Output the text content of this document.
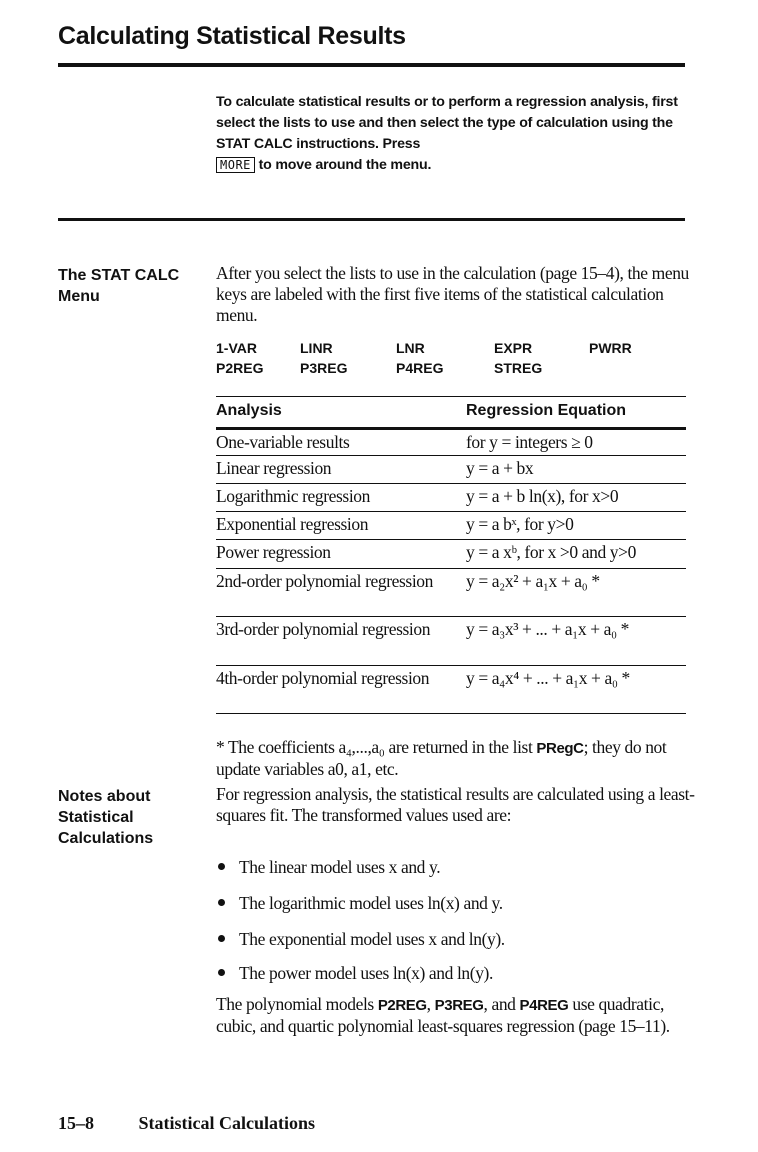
Calculating Statistical Results
To calculate statistical results or to perform a regression analysis, first select the lists to use and then select the type of calculation using the STAT CALC instructions. Press
MORE to move around the menu.
The STAT CALC
Menu
After you select the lists to use in the calculation (page 15–4), the menu keys are labeled with the first five items of the statistical calculation menu.
1-VAR	LINR	LNR	EXPR	PWRR
P2REG	P3REG	P4REG	STREG
Analysis	Regression Equation
One-variable results	for y = integers ≥ 0
Linear regression	y = a + bx
Logarithmic regression	y = a + b ln(x), for x>0
Exponential regression	y = a bˣ, for y>0
Power regression	y = a xᵇ, for x >0 and y>0
2nd-order polynomial regression	y = a₂x² + a₁x + a₀ *
3rd-order polynomial regression	y = a₃x³ + ... + a₁x + a₀ *
4th-order polynomial regression	y = a₄x⁴ + ... + a₁x + a₀ *
* The coefficients a₄,...,a₀ are returned in the list PRegC; they do not update variables a0, a1, etc.
Notes about
Statistical
Calculations
For regression analysis, the statistical results are calculated using a least-squares fit. The transformed values used are:
The linear model uses x and y.
The logarithmic model uses ln(x) and y.
The exponential model uses x and ln(y).
The power model uses ln(x) and ln(y).
The polynomial models P2REG, P3REG, and P4REG use quadratic, cubic, and quartic polynomial least-squares regression (page 15–11).
15–8 Statistical Calculations
